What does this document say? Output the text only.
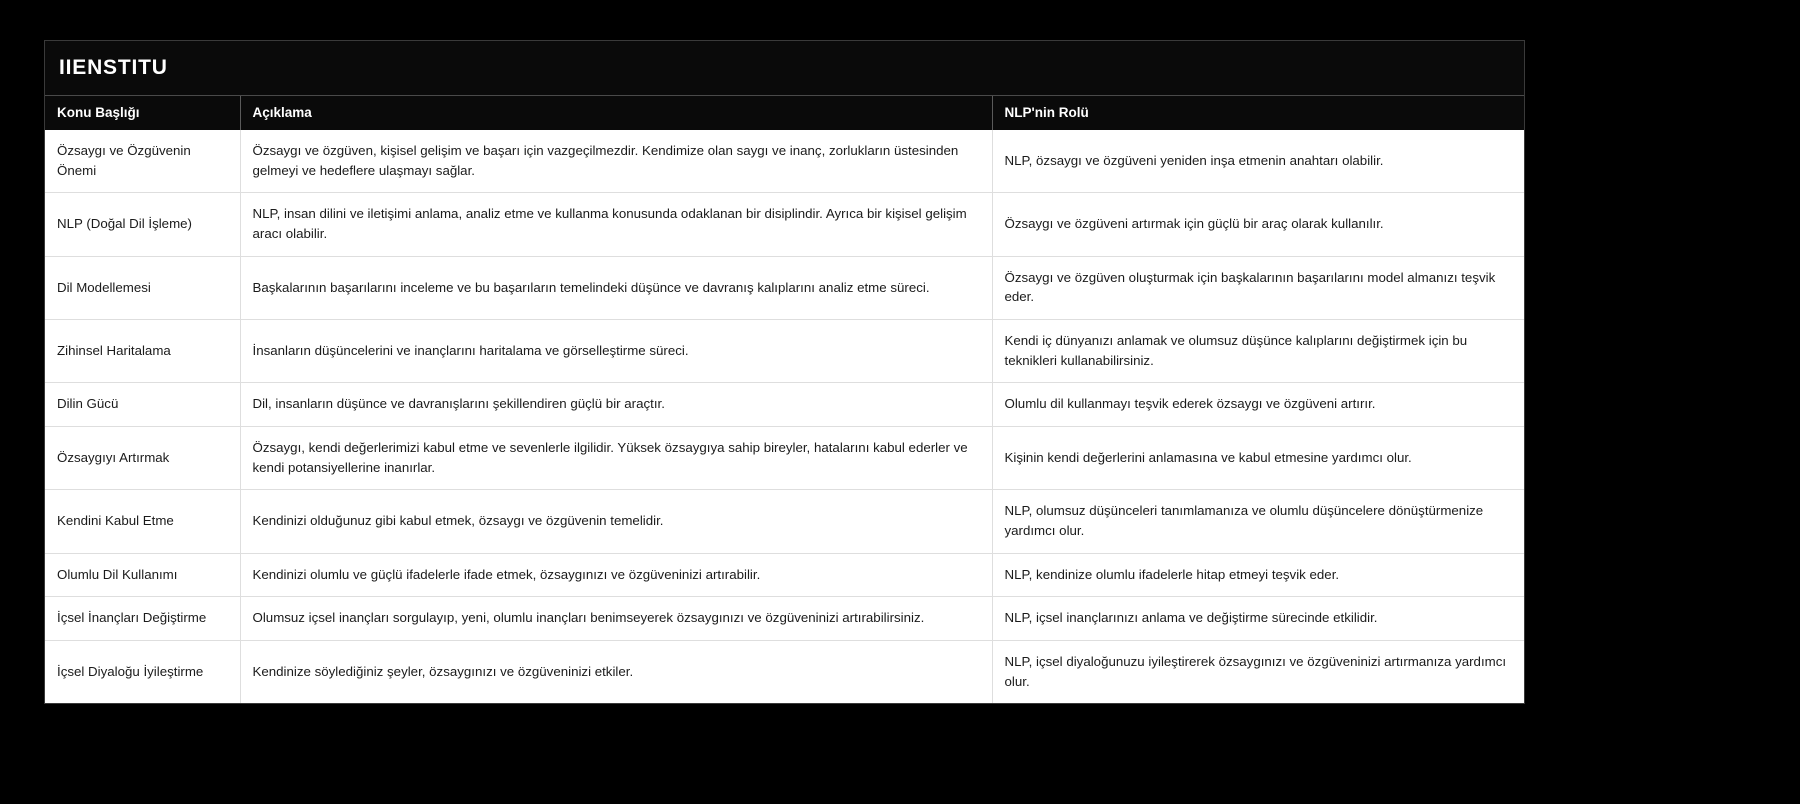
IIENSTITU
Konu Başlığı	Açıklama	NLP'nin Rolü
Özsaygı ve Özgüvenin Önemi	Özsaygı ve özgüven, kişisel gelişim ve başarı için vazgeçilmezdir. Kendimize olan saygı ve inanç, zorlukların üstesinden gelmeyi ve hedeflere ulaşmayı sağlar.	NLP, özsaygı ve özgüveni yeniden inşa etmenin anahtarı olabilir.
NLP (Doğal Dil İşleme)	NLP, insan dilini ve iletişimi anlama, analiz etme ve kullanma konusunda odaklanan bir disiplindir. Ayrıca bir kişisel gelişim aracı olabilir.	Özsaygı ve özgüveni artırmak için güçlü bir araç olarak kullanılır.
Dil Modellemesi	Başkalarının başarılarını inceleme ve bu başarıların temelindeki düşünce ve davranış kalıplarını analiz etme süreci.	Özsaygı ve özgüven oluşturmak için başkalarının başarılarını model almanızı teşvik eder.
Zihinsel Haritalama	İnsanların düşüncelerini ve inançlarını haritalama ve görselleştirme süreci.	Kendi iç dünyanızı anlamak ve olumsuz düşünce kalıplarını değiştirmek için bu teknikleri kullanabilirsiniz.
Dilin Gücü	Dil, insanların düşünce ve davranışlarını şekillendiren güçlü bir araçtır.	Olumlu dil kullanmayı teşvik ederek özsaygı ve özgüveni artırır.
Özsaygıyı Artırmak	Özsaygı, kendi değerlerimizi kabul etme ve sevenlerle ilgilidir. Yüksek özsaygıya sahip bireyler, hatalarını kabul ederler ve kendi potansiyellerine inanırlar.	Kişinin kendi değerlerini anlamasına ve kabul etmesine yardımcı olur.
Kendini Kabul Etme	Kendinizi olduğunuz gibi kabul etmek, özsaygı ve özgüvenin temelidir.	NLP, olumsuz düşünceleri tanımlamanıza ve olumlu düşüncelere dönüştürmenize yardımcı olur.
Olumlu Dil Kullanımı	Kendinizi olumlu ve güçlü ifadelerle ifade etmek, özsaygınızı ve özgüveninizi artırabilir.	NLP, kendinize olumlu ifadelerle hitap etmeyi teşvik eder.
İçsel İnançları Değiştirme	Olumsuz içsel inançları sorgulayıp, yeni, olumlu inançları benimseyerek özsaygınızı ve özgüveninizi artırabilirsiniz.	NLP, içsel inançlarınızı anlama ve değiştirme sürecinde etkilidir.
İçsel Diyaloğu İyileştirme	Kendinize söylediğiniz şeyler, özsaygınızı ve özgüveninizi etkiler.	NLP, içsel diyaloğunuzu iyileştirerek özsaygınızı ve özgüveninizi artırmanıza yardımcı olur.
